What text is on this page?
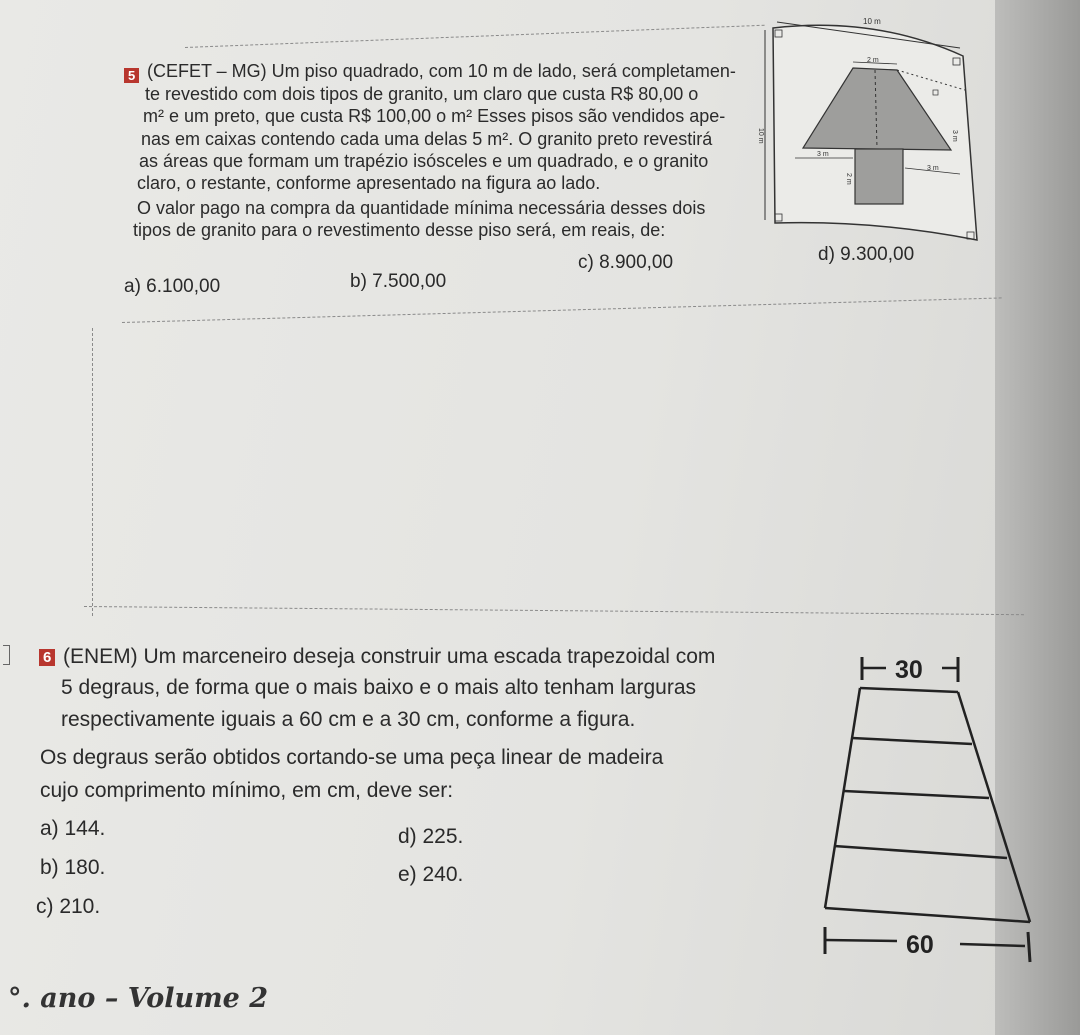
5 (CEFET – MG) Um piso quadrado, com 10 m de lado, será completamen-
te revestido com dois tipos de granito, um claro que custa R$ 80,00 o
m² e um preto, que custa R$ 100,00 o m² Esses pisos são vendidos ape-
nas em caixas contendo cada uma delas 5 m². O granito preto revestirá
as áreas que formam um trapézio isósceles e um quadrado, e o granito
claro, o restante, conforme apresentado na figura ao lado.
O valor pago na compra da quantidade mínima necessária desses dois
tipos de granito para o revestimento desse piso será, em reais, de:
a) 6.100,00	b) 7.500,00
c) 8.900,00	d) 9.300,00
10 m
10 m
2 m
3 m
3 m
3 m
2 m
6 (ENEM) Um marceneiro deseja construir uma escada trapezoidal com
5 degraus, de forma que o mais baixo e o mais alto tenham larguras
respectivamente iguais a 60 cm e a 30 cm, conforme a figura.
Os degraus serão obtidos cortando-se uma peça linear de madeira
cujo comprimento mínimo, em cm, deve ser:
a) 144.	d) 225.
b) 180.	e) 240.
c) 210.
30
60
°. ano – Volume 2
